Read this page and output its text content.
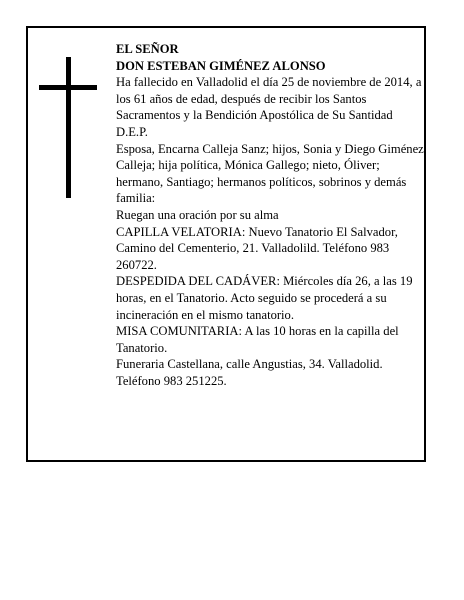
EL SEÑOR

DON ESTEBAN GIMÉNEZ ALONSO

Ha fallecido en Valladolid el día 25 de noviembre de 2014, a los 61 años de edad, después de recibir los Santos Sacramentos y la Bendición Apostólica de Su Santidad

D.E.P.

Esposa, Encarna Calleja Sanz; hijos, Sonia y Diego Giménez Calleja; hija política, Mónica Gallego; nieto, Óliver; hermano, Santiago; hermanos políticos, sobrinos y demás familia:

Ruegan una oración por su alma

CAPILLA VELATORIA: Nuevo Tanatorio El Salvador, Camino del Cementerio, 21. Valladolild. Teléfono 983 260722.

DESPEDIDA DEL CADÁVER: Miércoles día 26, a las 19 horas, en el Tanatorio. Acto seguido se procederá a su incineración en el mismo tanatorio.

MISA COMUNITARIA: A las 10 horas en la capilla del Tanatorio.

Funeraria Castellana, calle Angustias, 34. Valladolid. Teléfono 983 251225.
